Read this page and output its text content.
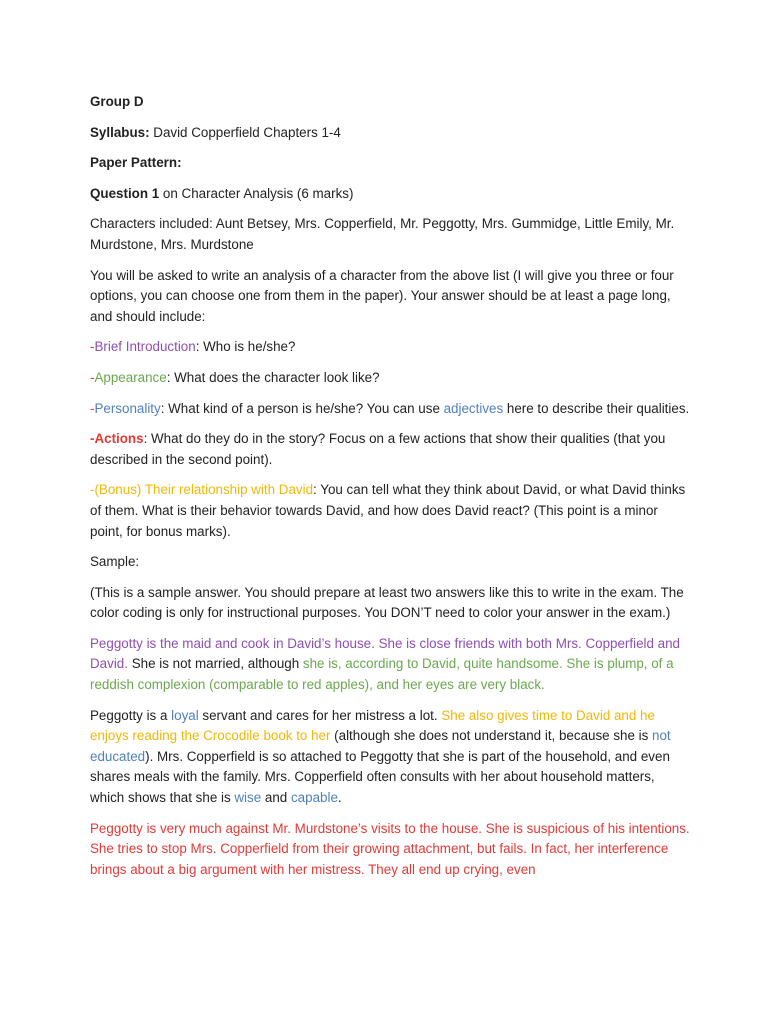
Group D

Syllabus: David Copperfield Chapters 1-4

Paper Pattern:

Question 1 on Character Analysis (6 marks)

Characters included: Aunt Betsey, Mrs. Copperfield, Mr. Peggotty, Mrs. Gummidge, Little Emily, Mr. Murdstone, Mrs. Murdstone

You will be asked to write an analysis of a character from the above list (I will give you three or four options, you can choose one from them in the paper). Your answer should be at least a page long, and should include:

-Brief Introduction: Who is he/she?

-Appearance: What does the character look like?

-Personality: What kind of a person is he/she? You can use adjectives here to describe their qualities.

-Actions: What do they do in the story? Focus on a few actions that show their qualities (that you described in the second point).

-(Bonus) Their relationship with David: You can tell what they think about David, or what David thinks of them. What is their behavior towards David, and how does David react? (This point is a minor point, for bonus marks).

Sample:

(This is a sample answer. You should prepare at least two answers like this to write in the exam. The color coding is only for instructional purposes. You DON’T need to color your answer in the exam.)

Peggotty is the maid and cook in David’s house. She is close friends with both Mrs. Copperfield and David. She is not married, although she is, according to David, quite handsome. She is plump, of a reddish complexion (comparable to red apples), and her eyes are very black.

Peggotty is a loyal servant and cares for her mistress a lot. She also gives time to David and he enjoys reading the Crocodile book to her (although she does not understand it, because she is not educated). Mrs. Copperfield is so attached to Peggotty that she is part of the household, and even shares meals with the family. Mrs. Copperfield often consults with her about household matters, which shows that she is wise and capable.

Peggotty is very much against Mr. Murdstone’s visits to the house. She is suspicious of his intentions. She tries to stop Mrs. Copperfield from their growing attachment, but fails. In fact, her interference brings about a big argument with her mistress. They all end up crying, even
